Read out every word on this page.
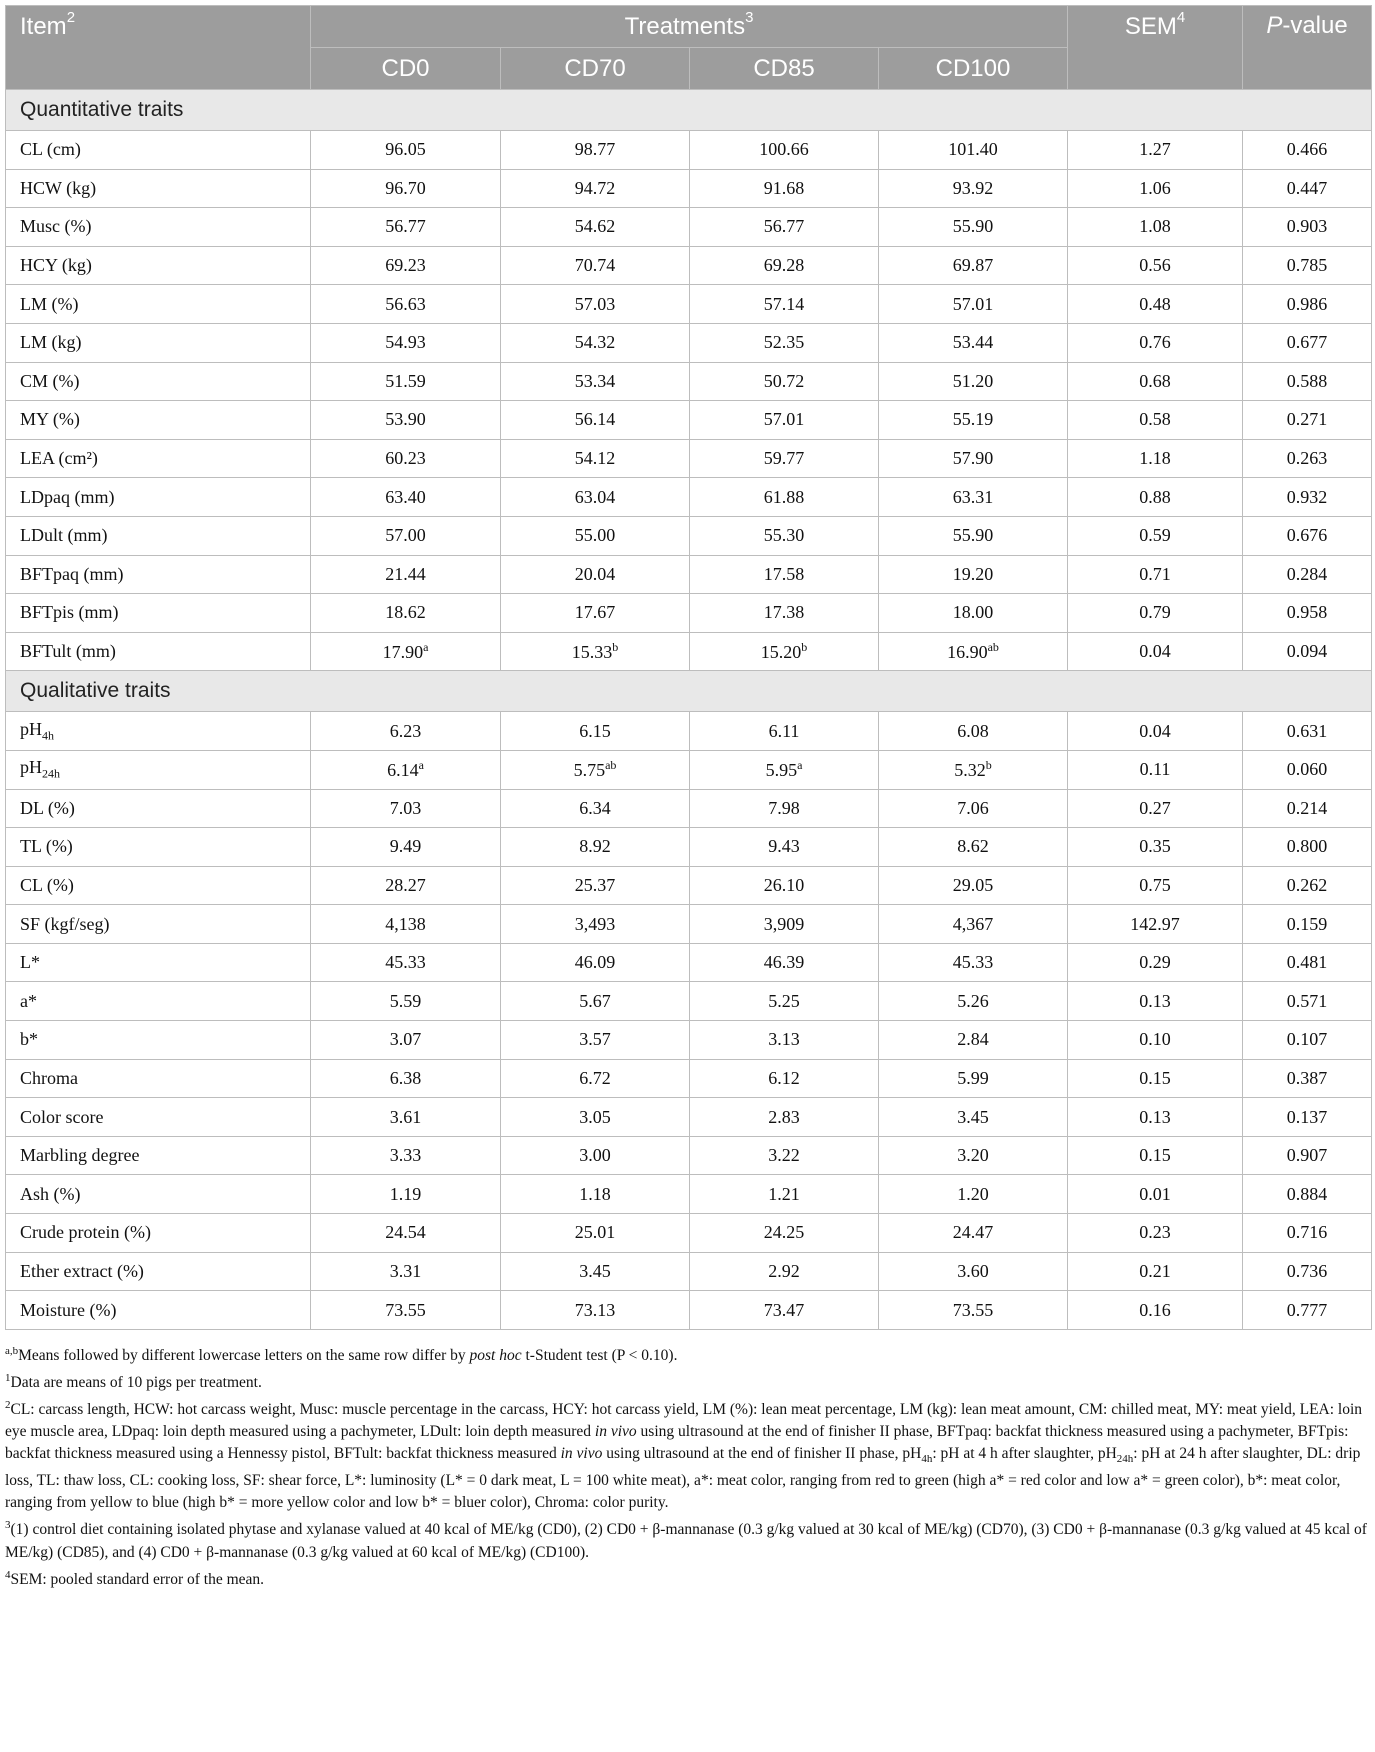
Item$^2$	Treatments$^3$				SEM$^4$	P-value
	CD0	CD70	CD85	CD100		
Quantitative traits						
CL (cm)	96.05	98.77	100.66	101.40	1.27	0.466
HCW (kg)	96.70	94.72	91.68	93.92	1.06	0.447
Musc (%)	56.77	54.62	56.77	55.90	1.08	0.903
HCY (kg)	69.23	70.74	69.28	69.87	0.56	0.785
LM (%)	56.63	57.03	57.14	57.01	0.48	0.986
LM (kg)	54.93	54.32	52.35	53.44	0.76	0.677
CM (%)	51.59	53.34	50.72	51.20	0.68	0.588
MY (%)	53.90	56.14	57.01	55.19	0.58	0.271
LEA (cm²)	60.23	54.12	59.77	57.90	1.18	0.263
LDpaq (mm)	63.40	63.04	61.88	63.31	0.88	0.932
LDult (mm)	57.00	55.00	55.30	55.90	0.59	0.676
BFTpaq (mm)	21.44	20.04	17.58	19.20	0.71	0.284
BFTpis (mm)	18.62	17.67	17.38	18.00	0.79	0.958
BFTult (mm)	17.90$^a$	15.33$^b$	15.20$^b$	16.90$^{ab}$	0.04	0.094
Qualitative traits						
$pH_{4h}$	6.23	6.15	6.11	6.08	0.04	0.631
$pH_{24h}$	6.14$^a$	5.75$^{ab}$	5.95$^a$	5.32$^b$	0.11	0.060
DL (%)	7.03	6.34	7.98	7.06	0.27	0.214
TL (%)	9.49	8.92	9.43	8.62	0.35	0.800
CL (%)	28.27	25.37	26.10	29.05	0.75	0.262
SF (kgf/seg)	4,138	3,493	3,909	4,367	142.97	0.159
L*	45.33	46.09	46.39	45.33	0.29	0.481
a*	5.59	5.67	5.25	5.26	0.13	0.571
b*	3.07	3.57	3.13	2.84	0.10	0.107
Chroma	6.38	6.72	6.12	5.99	0.15	0.387
Color score	3.61	3.05	2.83	3.45	0.13	0.137
Marbling degree	3.33	3.00	3.22	3.20	0.15	0.907
Ash (%)	1.19	1.18	1.21	1.20	0.01	0.884
Crude protein (%)	24.54	25.01	24.25	24.47	0.23	0.716
Ether extract (%)	3.31	3.45	2.92	3.60	0.21	0.736
Moisture (%)	73.55	73.13	73.47	73.55	0.16	0.777

$^{a,b}$Means followed by different lowercase letters on the same row differ by post hoc t-Student test (P < 0.10).

$^1$Data are means of 10 pigs per treatment.

$^2$CL: carcass length, HCW: hot carcass weight, Musc: muscle percentage in the carcass, HCY: hot carcass yield, LM (%): lean meat percentage, LM (kg): lean meat amount, CM: chilled meat, MY: meat yield, LEA: loin eye muscle area, LDpaq: loin depth measured using a pachymeter, LDult: loin depth measured in vivo using ultrasound at the end of finisher II phase, BFTpaq: backfat thickness measured using a pachymeter, BFTpis: backfat thickness measured using a Hennessy pistol, BFTult: backfat thickness measured in vivo using ultrasound at the end of finisher II phase, $pH_{4h}$: pH at 4 h after slaughter, $pH_{24h}$: pH at 24 h after slaughter, DL: drip loss, TL: thaw loss, CL: cooking loss, SF: shear force, L*: luminosity (L* = 0 dark meat, L = 100 white meat), a*: meat color, ranging from red to green (high a* = red color and low a* = green color), b*: meat color, ranging from yellow to blue (high b* = more yellow color and low b* = bluer color), Chroma: color purity.

$^3$(1) control diet containing isolated phytase and xylanase valued at 40 kcal of ME/kg (CD0), (2) CD0 + β-mannanase (0.3 g/kg valued at 30 kcal of ME/kg) (CD70), (3) CD0 + β-mannanase (0.3 g/kg valued at 45 kcal of ME/kg) (CD85), and (4) CD0 + β-mannanase (0.3 g/kg valued at 60 kcal of ME/kg) (CD100).

$^4$SEM: pooled standard error of the mean.
